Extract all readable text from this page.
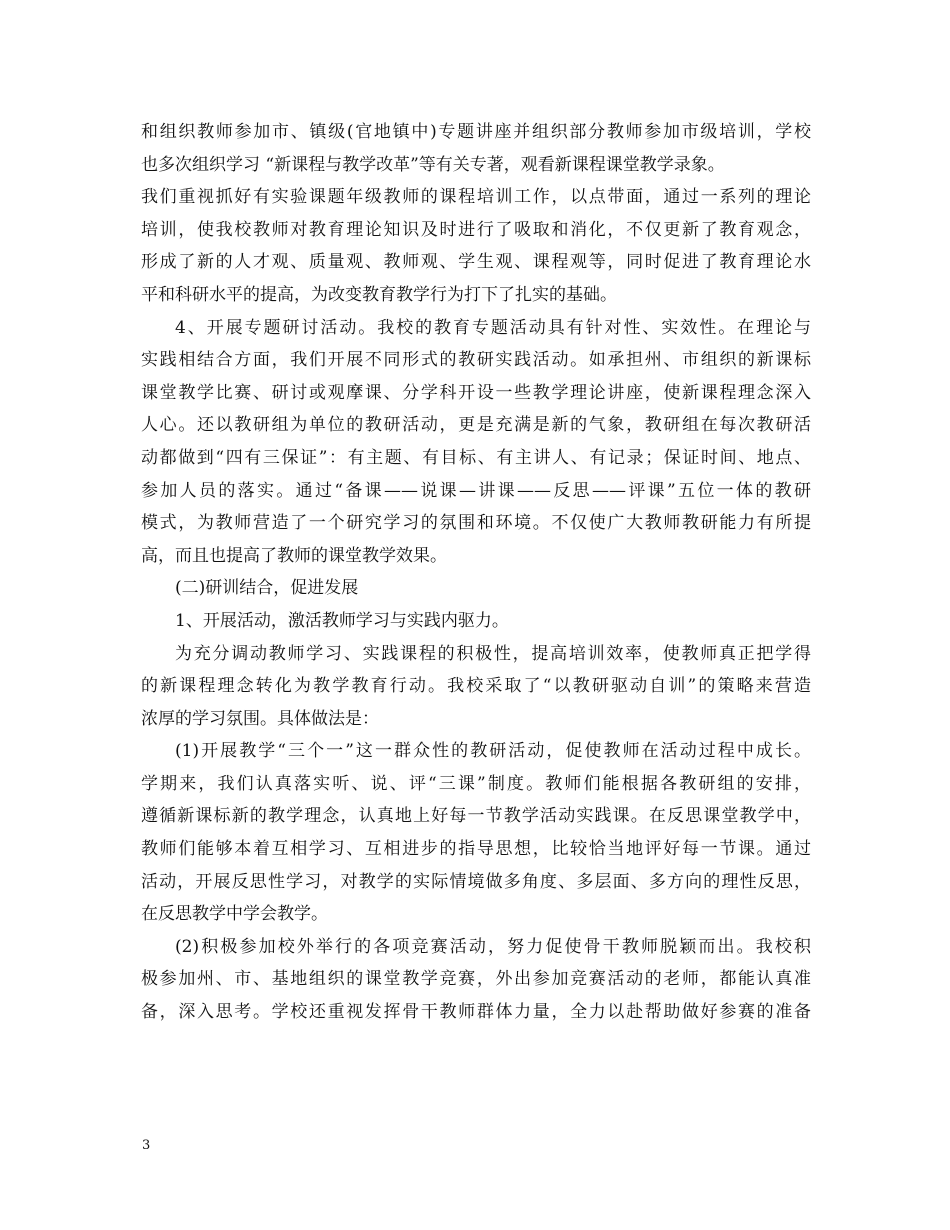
和组织教师参加市、镇级(官地镇中)专题讲座并组织部分教师参加市级培训，学校
也多次组织学习 “新课程与教学改革”等有关专著，观看新课程课堂教学录象。
我们重视抓好有实验课题年级教师的课程培训工作，以点带面，通过一系列的理论
培训，使我校教师对教育理论知识及时进行了吸取和消化，不仅更新了教育观念，
形成了新的人才观、质量观、教师观、学生观、课程观等，同时促进了教育理论水
平和科研水平的提高，为改变教育教学行为打下了扎实的基础。
4、开展专题研讨活动。我校的教育专题活动具有针对性、实效性。在理论与
实践相结合方面，我们开展不同形式的教研实践活动。如承担州、市组织的新课标
课堂教学比赛、研讨或观摩课、分学科开设一些教学理论讲座，使新课程理念深入
人心。还以教研组为单位的教研活动，更是充满是新的气象，教研组在每次教研活
动都做到“四有三保证”：有主题、有目标、有主讲人、有记录；保证时间、地点、
参加人员的落实。通过“备课——说课—讲课——反思——评课”五位一体的教研
模式，为教师营造了一个研究学习的氛围和环境。不仅使广大教师教研能力有所提
高，而且也提高了教师的课堂教学效果。
(二)研训结合，促进发展
1、开展活动，激活教师学习与实践内驱力。
为充分调动教师学习、实践课程的积极性，提高培训效率，使教师真正把学得
的新课程理念转化为教学教育行动。我校采取了“以教研驱动自训”的策略来营造
浓厚的学习氛围。具体做法是：
(1)开展教学“三个一”这一群众性的教研活动，促使教师在活动过程中成长。
学期来，我们认真落实听、说、评“三课”制度。教师们能根据各教研组的安排，
遵循新课标新的教学理念，认真地上好每一节教学活动实践课。在反思课堂教学中，
教师们能够本着互相学习、互相进步的指导思想，比较恰当地评好每一节课。通过
活动，开展反思性学习，对教学的实际情境做多角度、多层面、多方向的理性反思，
在反思教学中学会教学。
(2)积极参加校外举行的各项竞赛活动，努力促使骨干教师脱颖而出。我校积
极参加州、市、基地组织的课堂教学竞赛，外出参加竞赛活动的老师，都能认真准
备，深入思考。学校还重视发挥骨干教师群体力量，全力以赴帮助做好参赛的准备
3
